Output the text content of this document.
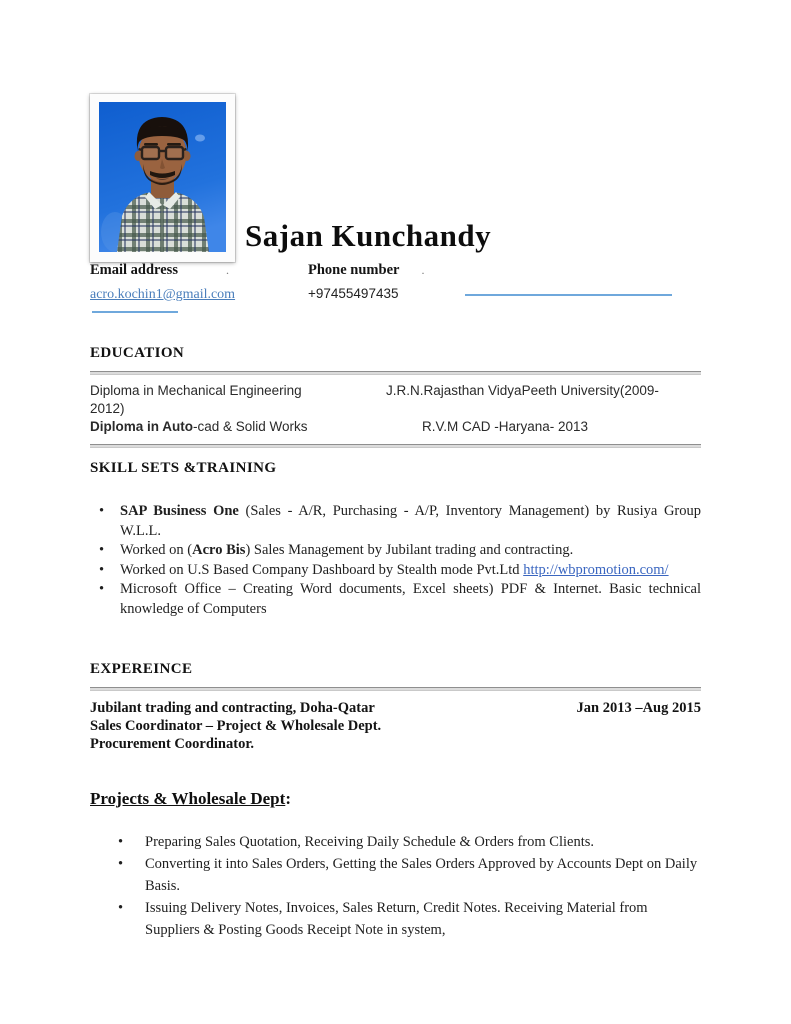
Sajan Kunchandy
Email address	.	Phone number .
acro.kochin1@gmail.com	+97455497435
EDUCATION
Diploma in Mechanical Engineering	J.R.N.Rajasthan VidyaPeeth University(2009-
2012)
Diploma in Auto-cad & Solid Works	R.V.M CAD -Haryana- 2013
SKILL SETS &TRAINING
• SAP Business One (Sales - A/R, Purchasing - A/P, Inventory Management) by Rusiya Group W.L.L.
• Worked on (Acro Bis) Sales Management by Jubilant trading and contracting.
• Worked on U.S Based Company Dashboard by Stealth mode Pvt.Ltd http://wbpromotion.com/
• Microsoft Office – Creating Word documents, Excel sheets) PDF & Internet. Basic technical knowledge of Computers
EXPEREINCE
Jubilant trading and contracting, Doha-Qatar	Jan 2013 –Aug 2015
Sales Coordinator – Project & Wholesale Dept.
Procurement Coordinator.
Projects & Wholesale Dept:
• Preparing Sales Quotation, Receiving Daily Schedule & Orders from Clients.
• Converting it into Sales Orders, Getting the Sales Orders Approved by Accounts Dept on Daily Basis.
• Issuing Delivery Notes, Invoices, Sales Return, Credit Notes. Receiving Material from Suppliers & Posting Goods Receipt Note in system,
